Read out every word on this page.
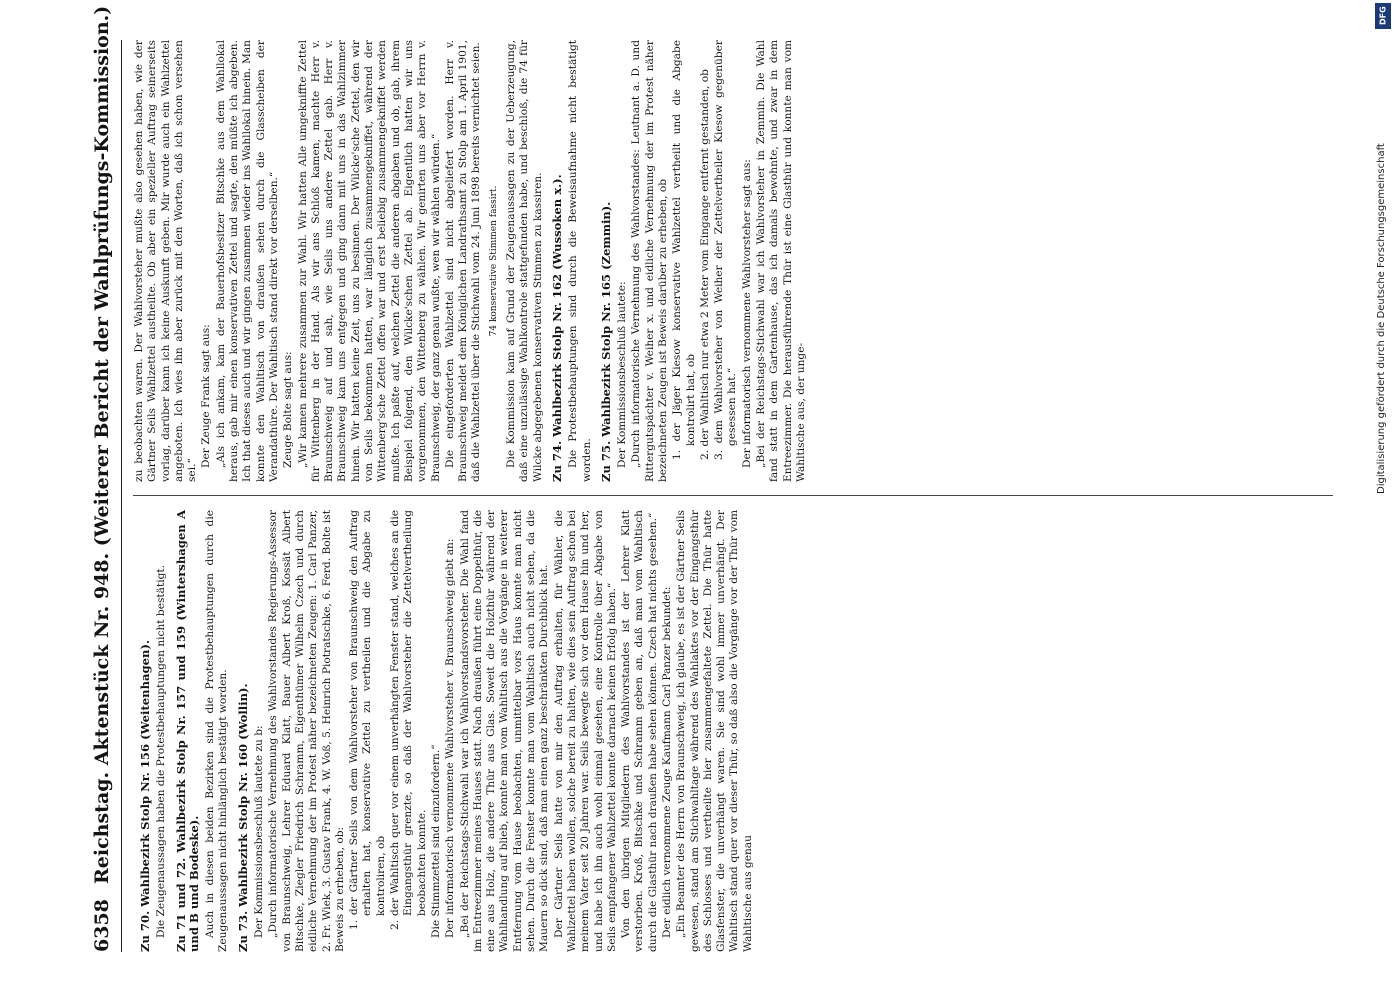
6358
Reichstag. Aktenstück Nr. 948. (Weiterer Bericht der Wahlprüfungs-Kommission.) Zu 70. Wahlbezirk Stolp Nr. 156 (Weitenhagen). Die Zeugenaussagen haben die Protestbehauptungen nicht bestätigt. Zu 71 und 72. Wahlbezirk Stolp Nr. 157 und 159 (Wintershagen A und B und Bodeske). Auch in diesen beiden Bezirken sind die Protestbehauptungen durch die Zeugenaussagen nicht hinlänglich bestätigt worden. Zu 73. Wahlbezirk Stolp Nr. 160 (Wollin). Der Kommissionsbeschluß lautete zu b: „Durch informatorische Vernehmung des Wahlvorstandes Regierungs-Assessor von Braunschweig, Lehrer Eduard Klatt, Bauer Albert Kroß, Kossät Albert Bitschke, Ziegler Friedrich Schramm, Eigenthümer Wilhelm Czech und durch eidliche Vernehmung der im Protest näher bezeichneten Zeugen: 1. Carl Panzer, 2. Fr. Wiek, 3. Gustav Frank, 4. W. Voß, 5. Heinrich Piotratschke, 6. Ferd. Bolte ist Beweis zu erheben, ob: 1. der Gärtner Seils von dem Wahlvorsteher von Braunschweig den Auftrag erhalten hat, konservative Zettel zu vertheilen und die Abgabe zu kontroliren, ob 2. der Wahltisch quer vor einem unverhängten Fenster stand, welches an die Eingangsthür grenzte, so daß der Wahlvorsteher die Zettelvertheilung beobachten konnte. Die Stimmzettel sind einzufordern.“ Der informatorisch vernommene Wahlvorsteher v. Braunschweig giebt an: „Bei der Reichstags-Stichwahl war ich Wahlvorstandsvorsteher. Die Wahl fand im Entreezimmer meines Hauses statt. Nach draußen führt eine Doppelthür, die eine aus Holz, die andere Thür aus Glas. Soweit die Holzthür während der Wahlhandlung auf blieb, konnte man vom Wahltisch aus die Vorgänge in weiterer Entfernung vom Hause beobachten, unmittelbar vors Haus konnte man nicht sehen. Durch die Fenster konnte man vom Wahltisch auch nicht sehen, da die Mauern so dick sind, daß man einen ganz beschränkten Durchblick hat. Der Gärtner Seils hatte von mir den Auftrag erhalten, für Wähler, die Wahlzettel haben wollen, solche bereit zu halten, wie dies sein Auftrag schon bei meinem Vater seit 20 Jahren war. Seils bewegte sich vor dem Hause hin und her, und habe ich ihn auch wohl einmal gesehen, eine Kontrolle über Abgabe von Seils empfangener Wahlzettel konnte darnach keinen Erfolg haben.“ Von den übrigen Mitgliedern des Wahlvorstandes ist der Lehrer Klatt verstorben. Kroß, Bitschke und Schramm geben an, daß man vom Wahltisch durch die Glasthür nach draußen habe sehen können. Czech hat nichts gesehen.“ Der eidlich vernommene Zeuge Kaufmann Carl Panzer bekundet: „Ein Beamter des Herrn von Braunschweig, ich glaube, es ist der Gärtner Seils gewesen, stand am Stichwahltage während des Wahlaktes vor der Eingangsthür des Schlosses und vertheilte hier zusammengefaltete Zettel. Die Thür hatte Glasfenster, die unverhängt waren. Sie sind wohl immer unverhängt. Der Wahltisch stand quer vor dieser Thür, so daß also die Vorgänge vor der Thür vom Wahltische aus genau

zu beobachten waren. Der Wahlvorsteher mußte also gesehen haben, wie der Gärtner Seils Wahlzettel austheilte. Ob aber ein spezieller Auftrag seinerseits vorlag, darüber kann ich keine Auskunft geben. Mir wurde auch ein Wahlzettel angeboten. Ich wies ihn aber zurück mit den Worten, daß ich schon versehen sei.“

Der Zeuge Frank sagt aus: „Als ich ankam, kam der Bauerhofsbesitzer Bitschke aus dem Wahllokal heraus, gab mir einen konservativen Zettel und sagte, den müßte ich abgeben. Ich that dieses auch und wir gingen zusammen wieder ins Wahllokal hinein. Man konnte den Wahltisch von draußen sehen durch die Glasscheiben der Verandathüre. Der Wahltisch stand direkt vor derselben.“ Zeuge Bolte sagt aus: „Wir kamen mehrere zusammen zur Wahl. Wir hatten Alle umgekniffte Zettel für Wittenberg in der Hand. Als wir ans Schloß kamen, machte Herr v. Braunschweig auf und sah, wie Seils uns andere Zettel gab. Herr v. Braunschweig kam uns entgegen und ging dann mit uns in das Wahlzimmer hinein. Wir hatten keine Zeit, uns zu besinnen. Der Wilcke'sche Zettel, den wir von Seils bekommen hatten, war länglich zusammengekniffet, während der Wittenberg'sche Zettel offen war und erst beliebig zusammengekniffet werden mußte. Ich paßte auf, welchen Zettel die anderen abgaben und ob, gab, ihrem Beispiel folgend, den Wilcke'schen Zettel ab. Eigentlich hatten wir uns vorgenommen, den Wittenberg zu wählen. Wir genirten uns aber vor Herrn v. Braunschweig, der ganz genau wußte, wen wir wählen würden.“ Die eingeforderten Wahlzettel sind nicht abgeliefert worden. Herr v. Braunschweig meldet dem Königlichen Landrathsamt zu Stolp am 1. April 1901, daß die Wahlzettel über die Stichwahl vom 24. Juni 1898 bereits vernichtet seien. 74 konservative Stimmen fassirt. Die Kommission kam auf Grund der Zeugenaussagen zu der Ueberzeugung, daß eine unzulässige Wahlkontrole stattgefunden habe, und beschloß, die 74 für Wilcke abgegebenen konservativen Stimmen zu kassiren. Zu 74. Wahlbezirk Stolp Nr. 162 (Wussoken x.). Die Protestbehauptungen sind durch die Beweisaufnahme nicht bestätigt worden. Zu 75. Wahlbezirk Stolp Nr. 165 (Zemmin). Der Kommissionsbeschluß lautete: „Durch informatorische Vernehmung des Wahlvorstandes: Leutnant a. D. und Rittergutspächter v. Weiher x. und eidliche Vernehmung der im Protest näher bezeichneten Zeugen ist Beweis darüber zu erheben, ob 1. der Jäger Kiesow konservative Wahlzettel vertheilt und die Abgabe kontrolirt hat, ob 2. der Wahltisch nur etwa 2 Meter vom Eingange entfernt gestanden, ob 3. dem Wahlvorsteher von Weiher der Zettelvertheiler Kiesow gegenüber gesessen hat.“ Der informatorisch vernommene Wahlvorsteher sagt aus: „Bei der Reichstags-Stichwahl war ich Wahlvorsteher in Zemmin. Die Wahl fand statt in dem Gartenhause, das ich damals bewohnte, und zwar in dem Entreezimmer. Die herausführende Thür ist eine Glasthür und konnte man vom Wahltische aus, der unge-

DFG
Digitalisierung gefördert durch die Deutsche Forschungsgemeinschaft
